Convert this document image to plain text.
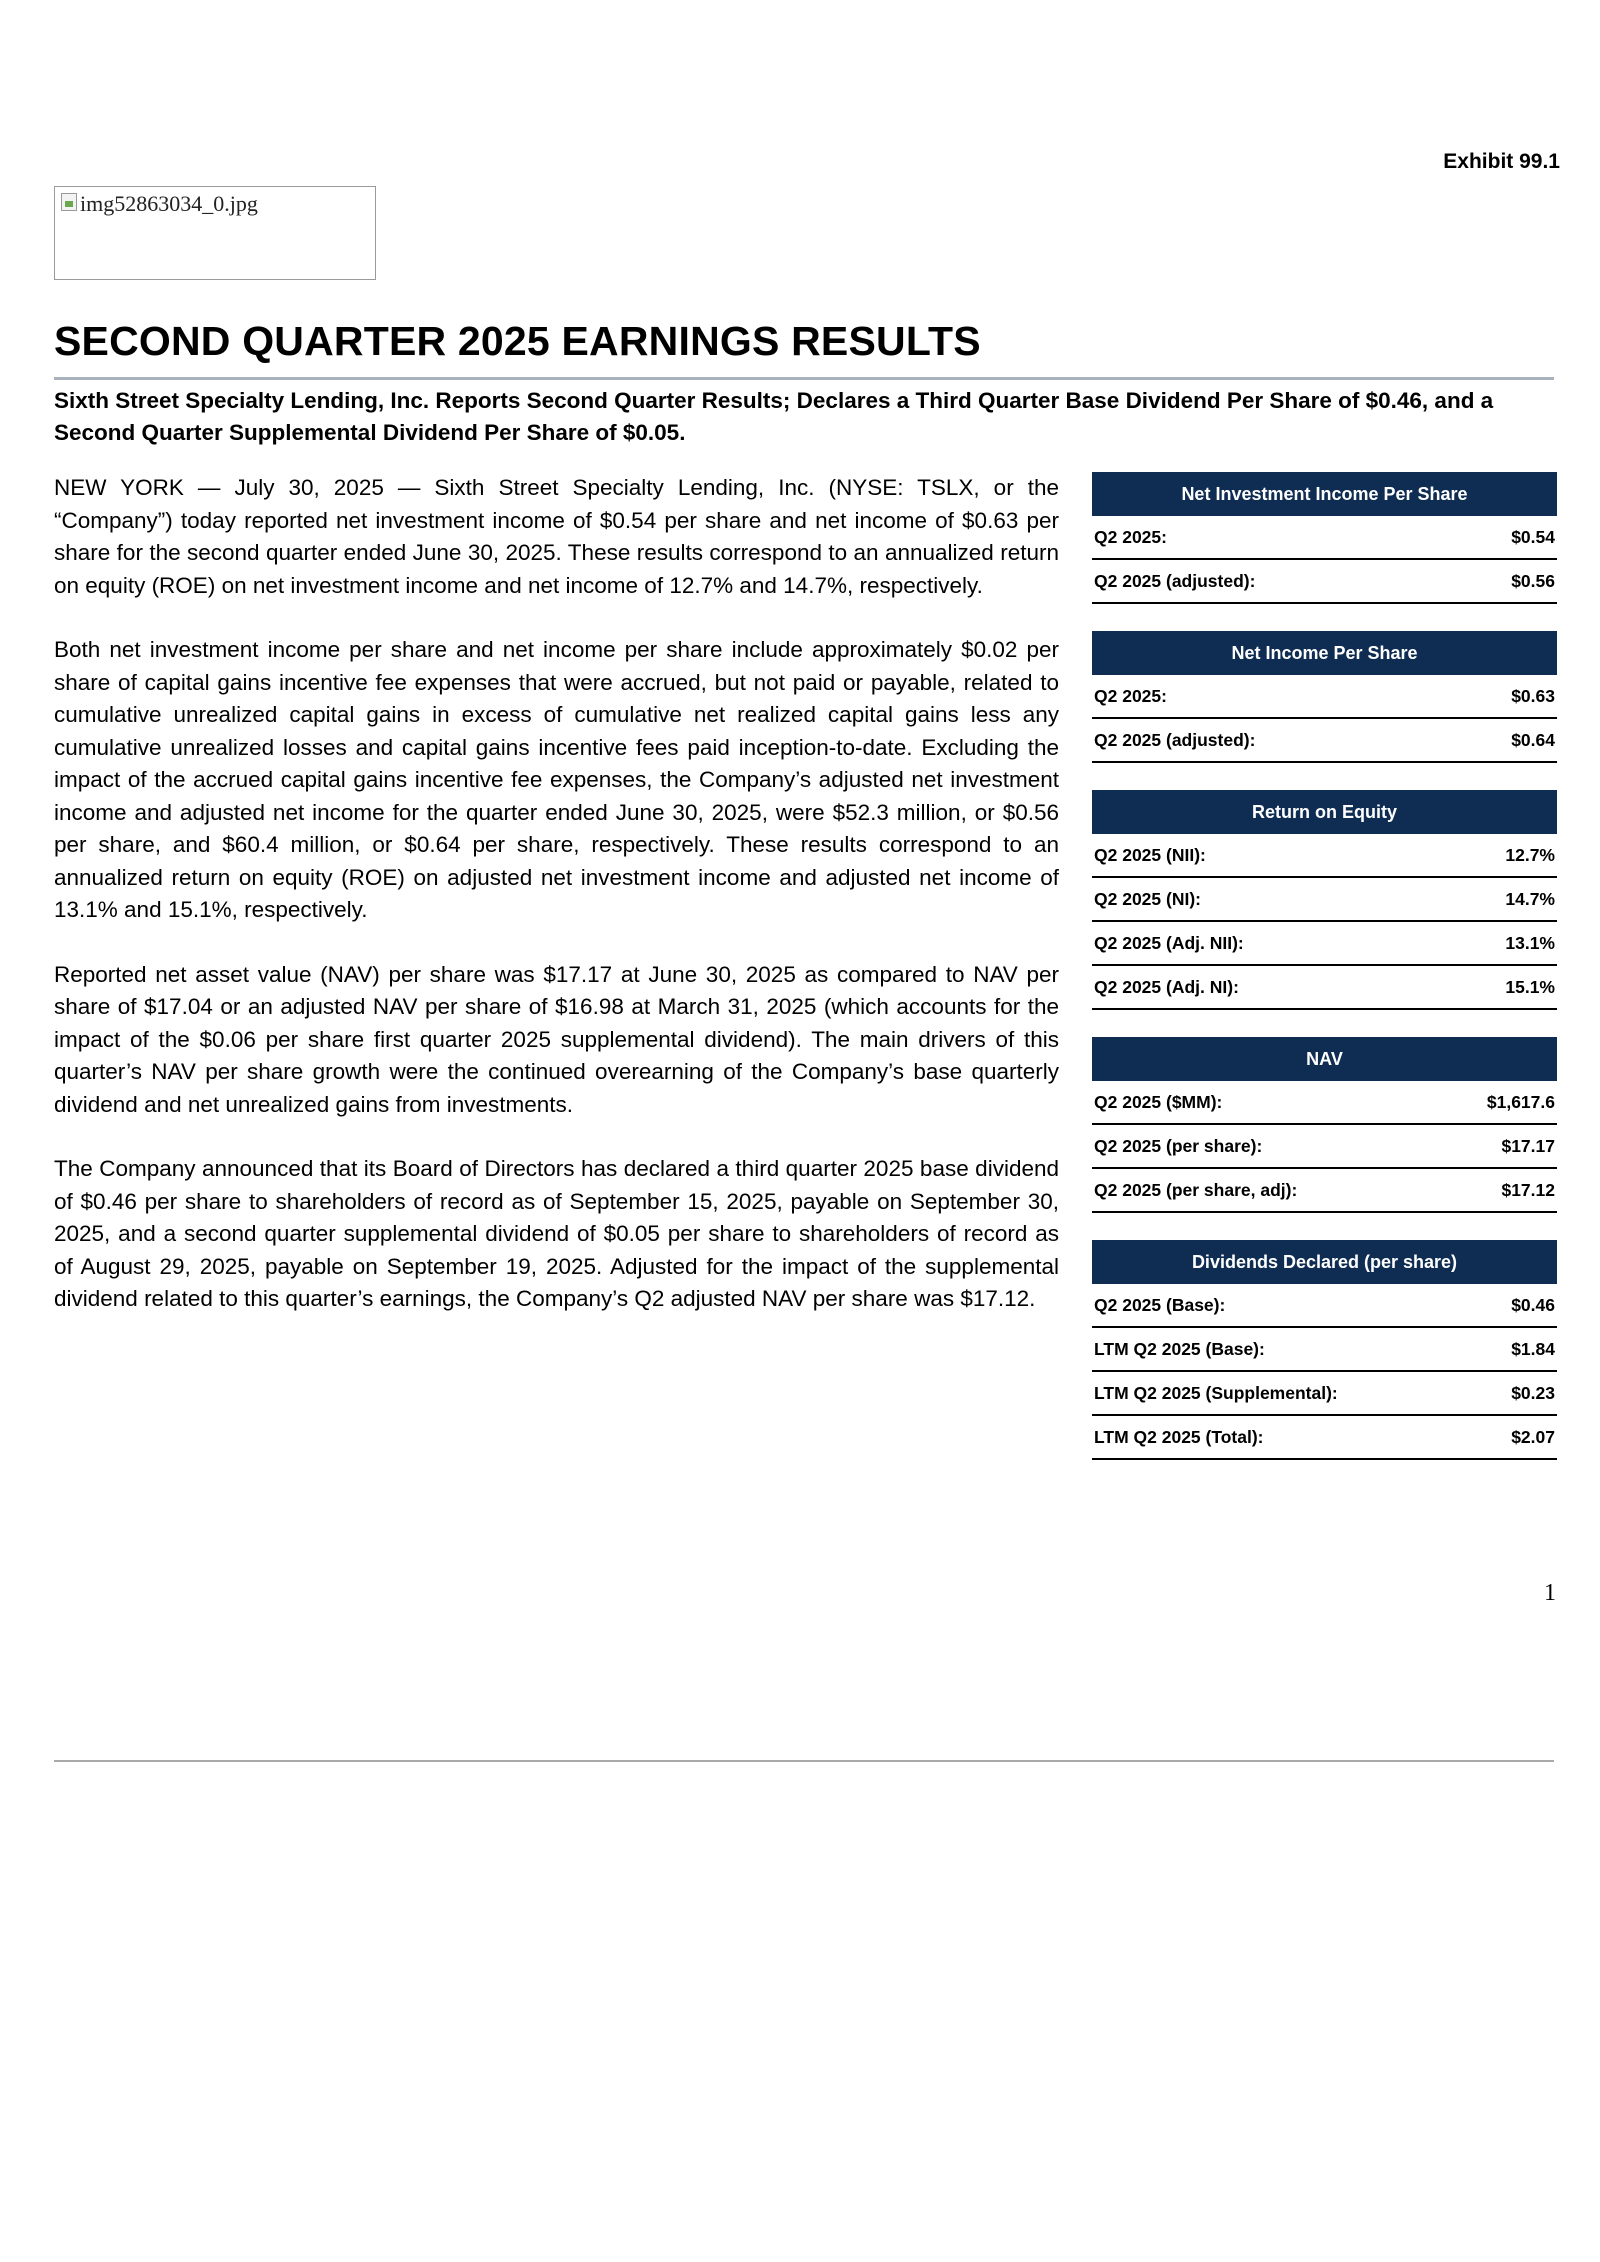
Exhibit 99.1
img52863034_0.jpg
SECOND QUARTER 2025 EARNINGS RESULTS

Sixth Street Specialty Lending, Inc. Reports Second Quarter Results; Declares a Third Quarter Base Dividend Per Share of $0.46, and a Second Quarter Supplemental Dividend Per Share of $0.05.

NEW YORK — July 30, 2025 — Sixth Street Specialty Lending, Inc. (NYSE: TSLX, or the “Company”) today reported net investment income of $0.54 per share and net income of $0.63 per share for the second quarter ended June 30, 2025. These results correspond to an annualized return on equity (ROE) on net investment income and net income of 12.7% and 14.7%, respectively.

Both net investment income per share and net income per share include approximately $0.02 per share of capital gains incentive fee expenses that were accrued, but not paid or payable, related to cumulative unrealized capital gains in excess of cumulative net realized capital gains less any cumulative unrealized losses and capital gains incentive fees paid inception-to-date. Excluding the impact of the accrued capital gains incentive fee expenses, the Company’s adjusted net investment income and adjusted net income for the quarter ended June 30, 2025, were $52.3 million, or $0.56 per share, and $60.4 million, or $0.64 per share, respectively. These results correspond to an annualized return on equity (ROE) on adjusted net investment income and adjusted net income of 13.1% and 15.1%, respectively.

Reported net asset value (NAV) per share was $17.17 at June 30, 2025 as compared to NAV per share of $17.04 or an adjusted NAV per share of $16.98 at March 31, 2025 (which accounts for the impact of the $0.06 per share first quarter 2025 supplemental dividend). The main drivers of this quarter’s NAV per share growth were the continued overearning of the Company’s base quarterly dividend and net unrealized gains from investments.

The Company announced that its Board of Directors has declared a third quarter 2025 base dividend of $0.46 per share to shareholders of record as of September 15, 2025, payable on September 30, 2025, and a second quarter supplemental dividend of $0.05 per share to shareholders of record as of August 29, 2025, payable on September 19, 2025. Adjusted for the impact of the supplemental dividend related to this quarter’s earnings, the Company’s Q2 adjusted NAV per share was $17.12.

Net Investment Income Per Share
Q2 2025:	$0.54
Q2 2025 (adjusted):	$0.56
Net Income Per Share
Q2 2025:	$0.63
Q2 2025 (adjusted):	$0.64
Return on Equity
Q2 2025 (NII):	12.7%
Q2 2025 (NI):	14.7%
Q2 2025 (Adj. NII):	13.1%
Q2 2025 (Adj. NI):	15.1%
NAV
Q2 2025 ($MM):	$1,617.6
Q2 2025 (per share):	$17.17
Q2 2025 (per share, adj):	$17.12
Dividends Declared (per share)
Q2 2025 (Base):	$0.46
LTM Q2 2025 (Base):	$1.84
LTM Q2 2025 (Supplemental):	$0.23
LTM Q2 2025 (Total):	$2.07
1
